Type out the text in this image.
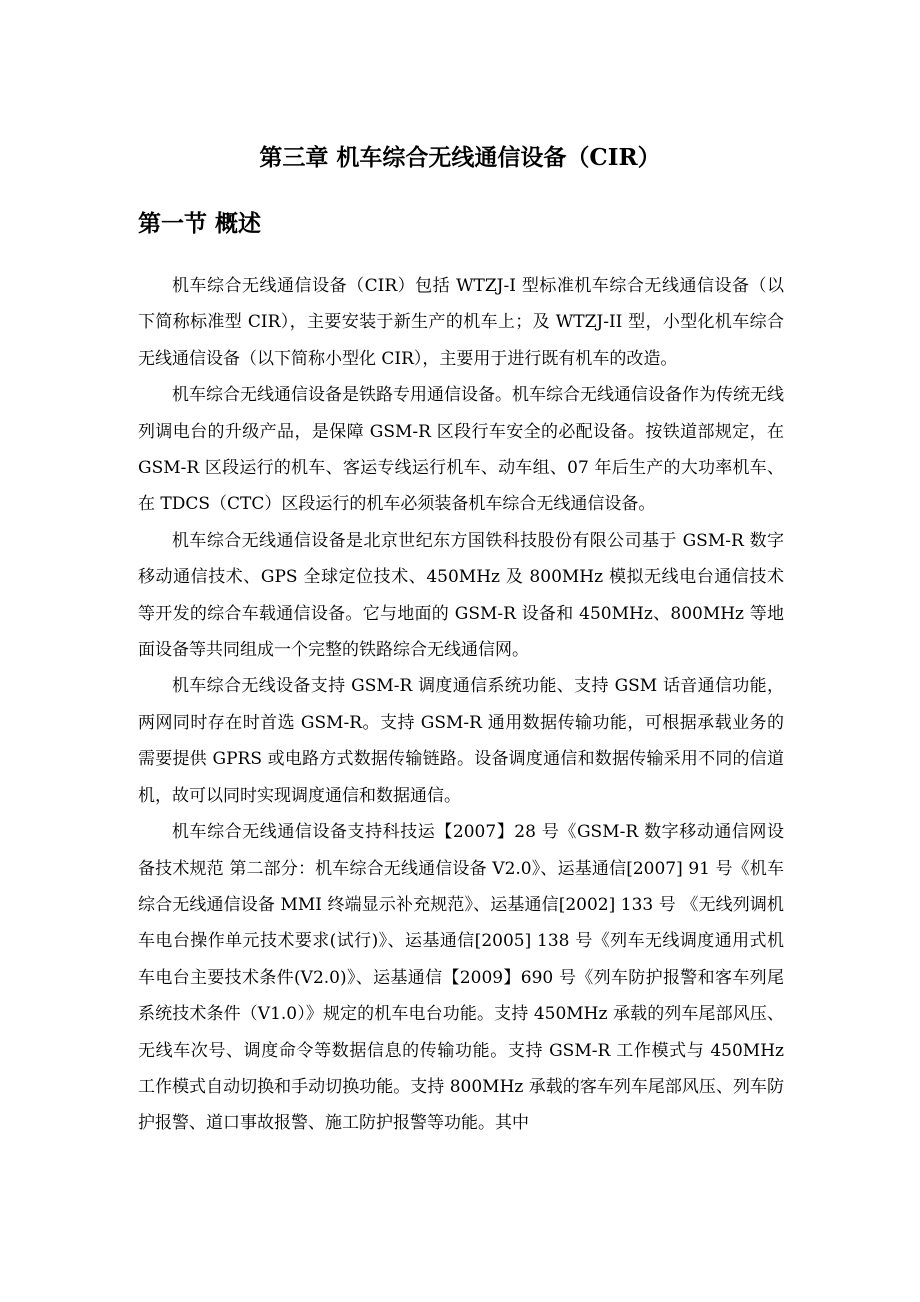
第三章 机车综合无线通信设备（CIR）
第一节 概述

机车综合无线通信设备（CIR）包括 WTZJ-I 型标准机车综合无线通信设备（以下简称标准型 CIR），主要安装于新生产的机车上；及 WTZJ-II 型，小型化机车综合无线通信设备（以下简称小型化 CIR），主要用于进行既有机车的改造。

机车综合无线通信设备是铁路专用通信设备。机车综合无线通信设备作为传统无线列调电台的升级产品，是保障 GSM-R 区段行车安全的必配设备。按铁道部规定，在 GSM-R 区段运行的机车、客运专线运行机车、动车组、07 年后生产的大功率机车、在 TDCS（CTC）区段运行的机车必须装备机车综合无线通信设备。

机车综合无线通信设备是北京世纪东方国铁科技股份有限公司基于 GSM-R 数字移动通信技术、GPS 全球定位技术、450MHz 及 800MHz 模拟无线电台通信技术等开发的综合车载通信设备。它与地面的 GSM-R 设备和 450MHz、800MHz 等地面设备等共同组成一个完整的铁路综合无线通信网。

机车综合无线设备支持 GSM-R 调度通信系统功能、支持 GSM 话音通信功能，两网同时存在时首选 GSM-R。支持 GSM-R 通用数据传输功能，可根据承载业务的需要提供 GPRS 或电路方式数据传输链路。设备调度通信和数据传输采用不同的信道机，故可以同时实现调度通信和数据通信。

机车综合无线通信设备支持科技运【2007】28 号《GSM-R 数字移动通信网设备技术规范 第二部分：机车综合无线通信设备 V2.0》、运基通信[2007] 91 号《机车综合无线通信设备 MMI 终端显示补充规范》、运基通信[2002] 133 号 《无线列调机车电台操作单元技术要求(试行)》、运基通信[2005] 138 号《列车无线调度通用式机车电台主要技术条件(V2.0)》、运基通信【2009】690 号《列车防护报警和客车列尾系统技术条件（V1.0）》规定的机车电台功能。支持 450MHz 承载的列车尾部风压、无线车次号、调度命令等数据信息的传输功能。支持 GSM-R 工作模式与 450MHz 工作模式自动切换和手动切换功能。支持 800MHz 承载的客车列车尾部风压、列车防护报警、道口事故报警、施工防护报警等功能。其中
